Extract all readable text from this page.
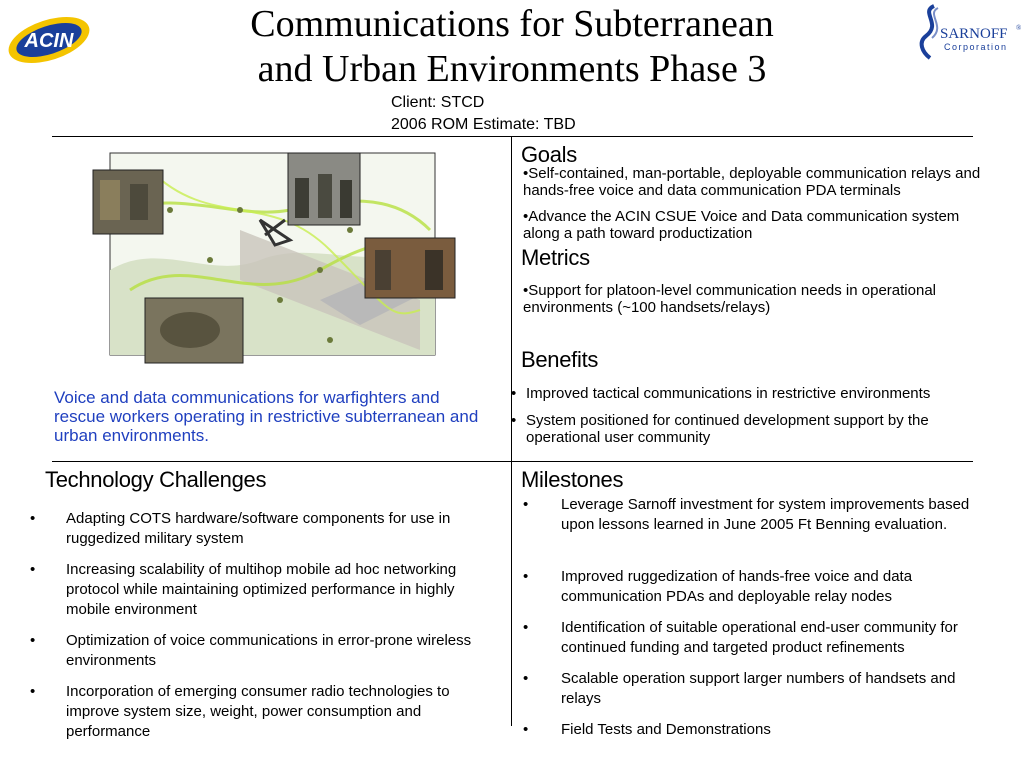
ACIN	SARNOFF ®
Corporation
Communications for Subterranean
and Urban Environments Phase 3
Client: STCD
2006 ROM Estimate: TBD
Voice and data communications for warfighters and rescue workers operating in restrictive subterranean and urban environments.
Goals
•Self-contained, man-portable, deployable communication relays and hands-free voice and data communication PDA terminals
•Advance the ACIN CSUE Voice and Data communication system along a path toward productization
Metrics
•Support for platoon-level communication needs in operational environments (~100 handsets/relays)
Benefits
• Improved tactical communications in restrictive environments
• System positioned for continued development support by the operational user community
Technology Challenges
• Adapting COTS hardware/software components for use in ruggedized military system
• Increasing scalability of multihop mobile ad hoc networking protocol while maintaining optimized performance in highly mobile environment
• Optimization of voice communications in error-prone wireless environments
• Incorporation of emerging consumer radio technologies to improve system size, weight, power consumption and performance
Milestones
• Leverage Sarnoff investment for system improvements based upon lessons learned in June 2005 Ft Benning evaluation.
• Improved ruggedization of hands-free voice and data communication PDAs and deployable relay nodes
• Identification of suitable operational end-user community for continued funding and targeted product refinements
• Scalable operation support larger numbers of handsets and relays
• Field Tests and Demonstrations
